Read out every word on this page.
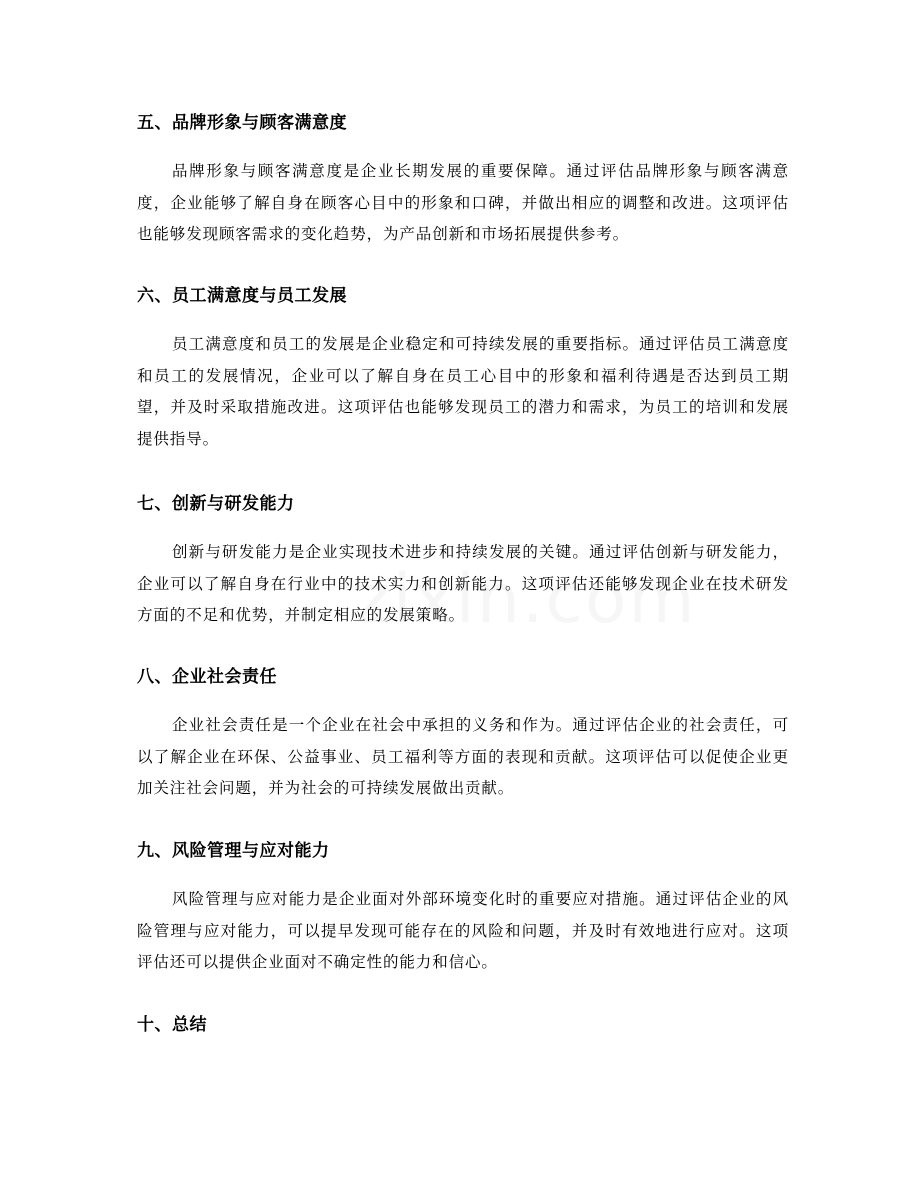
五、品牌形象与顾客满意度

品牌形象与顾客满意度是企业长期发展的重要保障。通过评估品牌形象与顾客满意度，企业能够了解自身在顾客心目中的形象和口碑，并做出相应的调整和改进。这项评估也能够发现顾客需求的变化趋势，为产品创新和市场拓展提供参考。

六、员工满意度与员工发展

员工满意度和员工的发展是企业稳定和可持续发展的重要指标。通过评估员工满意度和员工的发展情况，企业可以了解自身在员工心目中的形象和福利待遇是否达到员工期望，并及时采取措施改进。这项评估也能够发现员工的潜力和需求，为员工的培训和发展提供指导。

七、创新与研发能力

创新与研发能力是企业实现技术进步和持续发展的关键。通过评估创新与研发能力，企业可以了解自身在行业中的技术实力和创新能力。这项评估还能够发现企业在技术研发方面的不足和优势，并制定相应的发展策略。

八、企业社会责任

企业社会责任是一个企业在社会中承担的义务和作为。通过评估企业的社会责任，可以了解企业在环保、公益事业、员工福利等方面的表现和贡献。这项评估可以促使企业更加关注社会问题，并为社会的可持续发展做出贡献。

九、风险管理与应对能力

风险管理与应对能力是企业面对外部环境变化时的重要应对措施。通过评估企业的风险管理与应对能力，可以提早发现可能存在的风险和问题，并及时有效地进行应对。这项评估还可以提供企业面对不确定性的能力和信心。

十、总结
